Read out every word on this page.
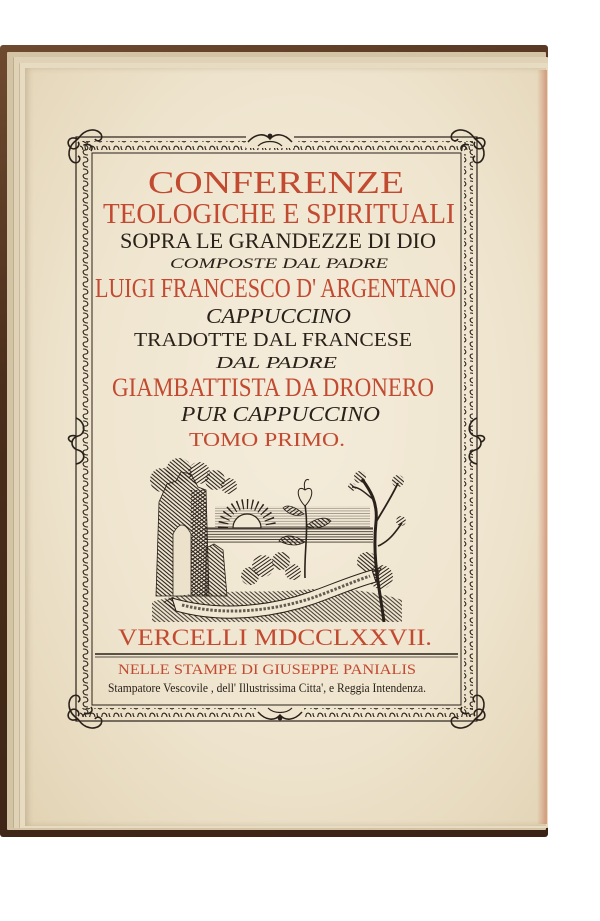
CONFERENZE
TEOLOGICHE E SPIRITUALI
SOPRA LE GRANDEZZE DI DIO
COMPOSTE DAL PADRE
LUIGI FRANCESCO D' ARGENTANO
CAPPUCCINO
TRADOTTE DAL FRANCESE
DAL PADRE
GIAMBATTISTA DA DRONERO
PUR CAPPUCCINO
TOMO PRIMO.
VERCELLI MDCCLXXVII.
NELLE STAMPE DI GIUSEPPE PANIALIS
Stampatore Vescovile , dell' Illustrissima Citta', e Reggia Intendenza.
